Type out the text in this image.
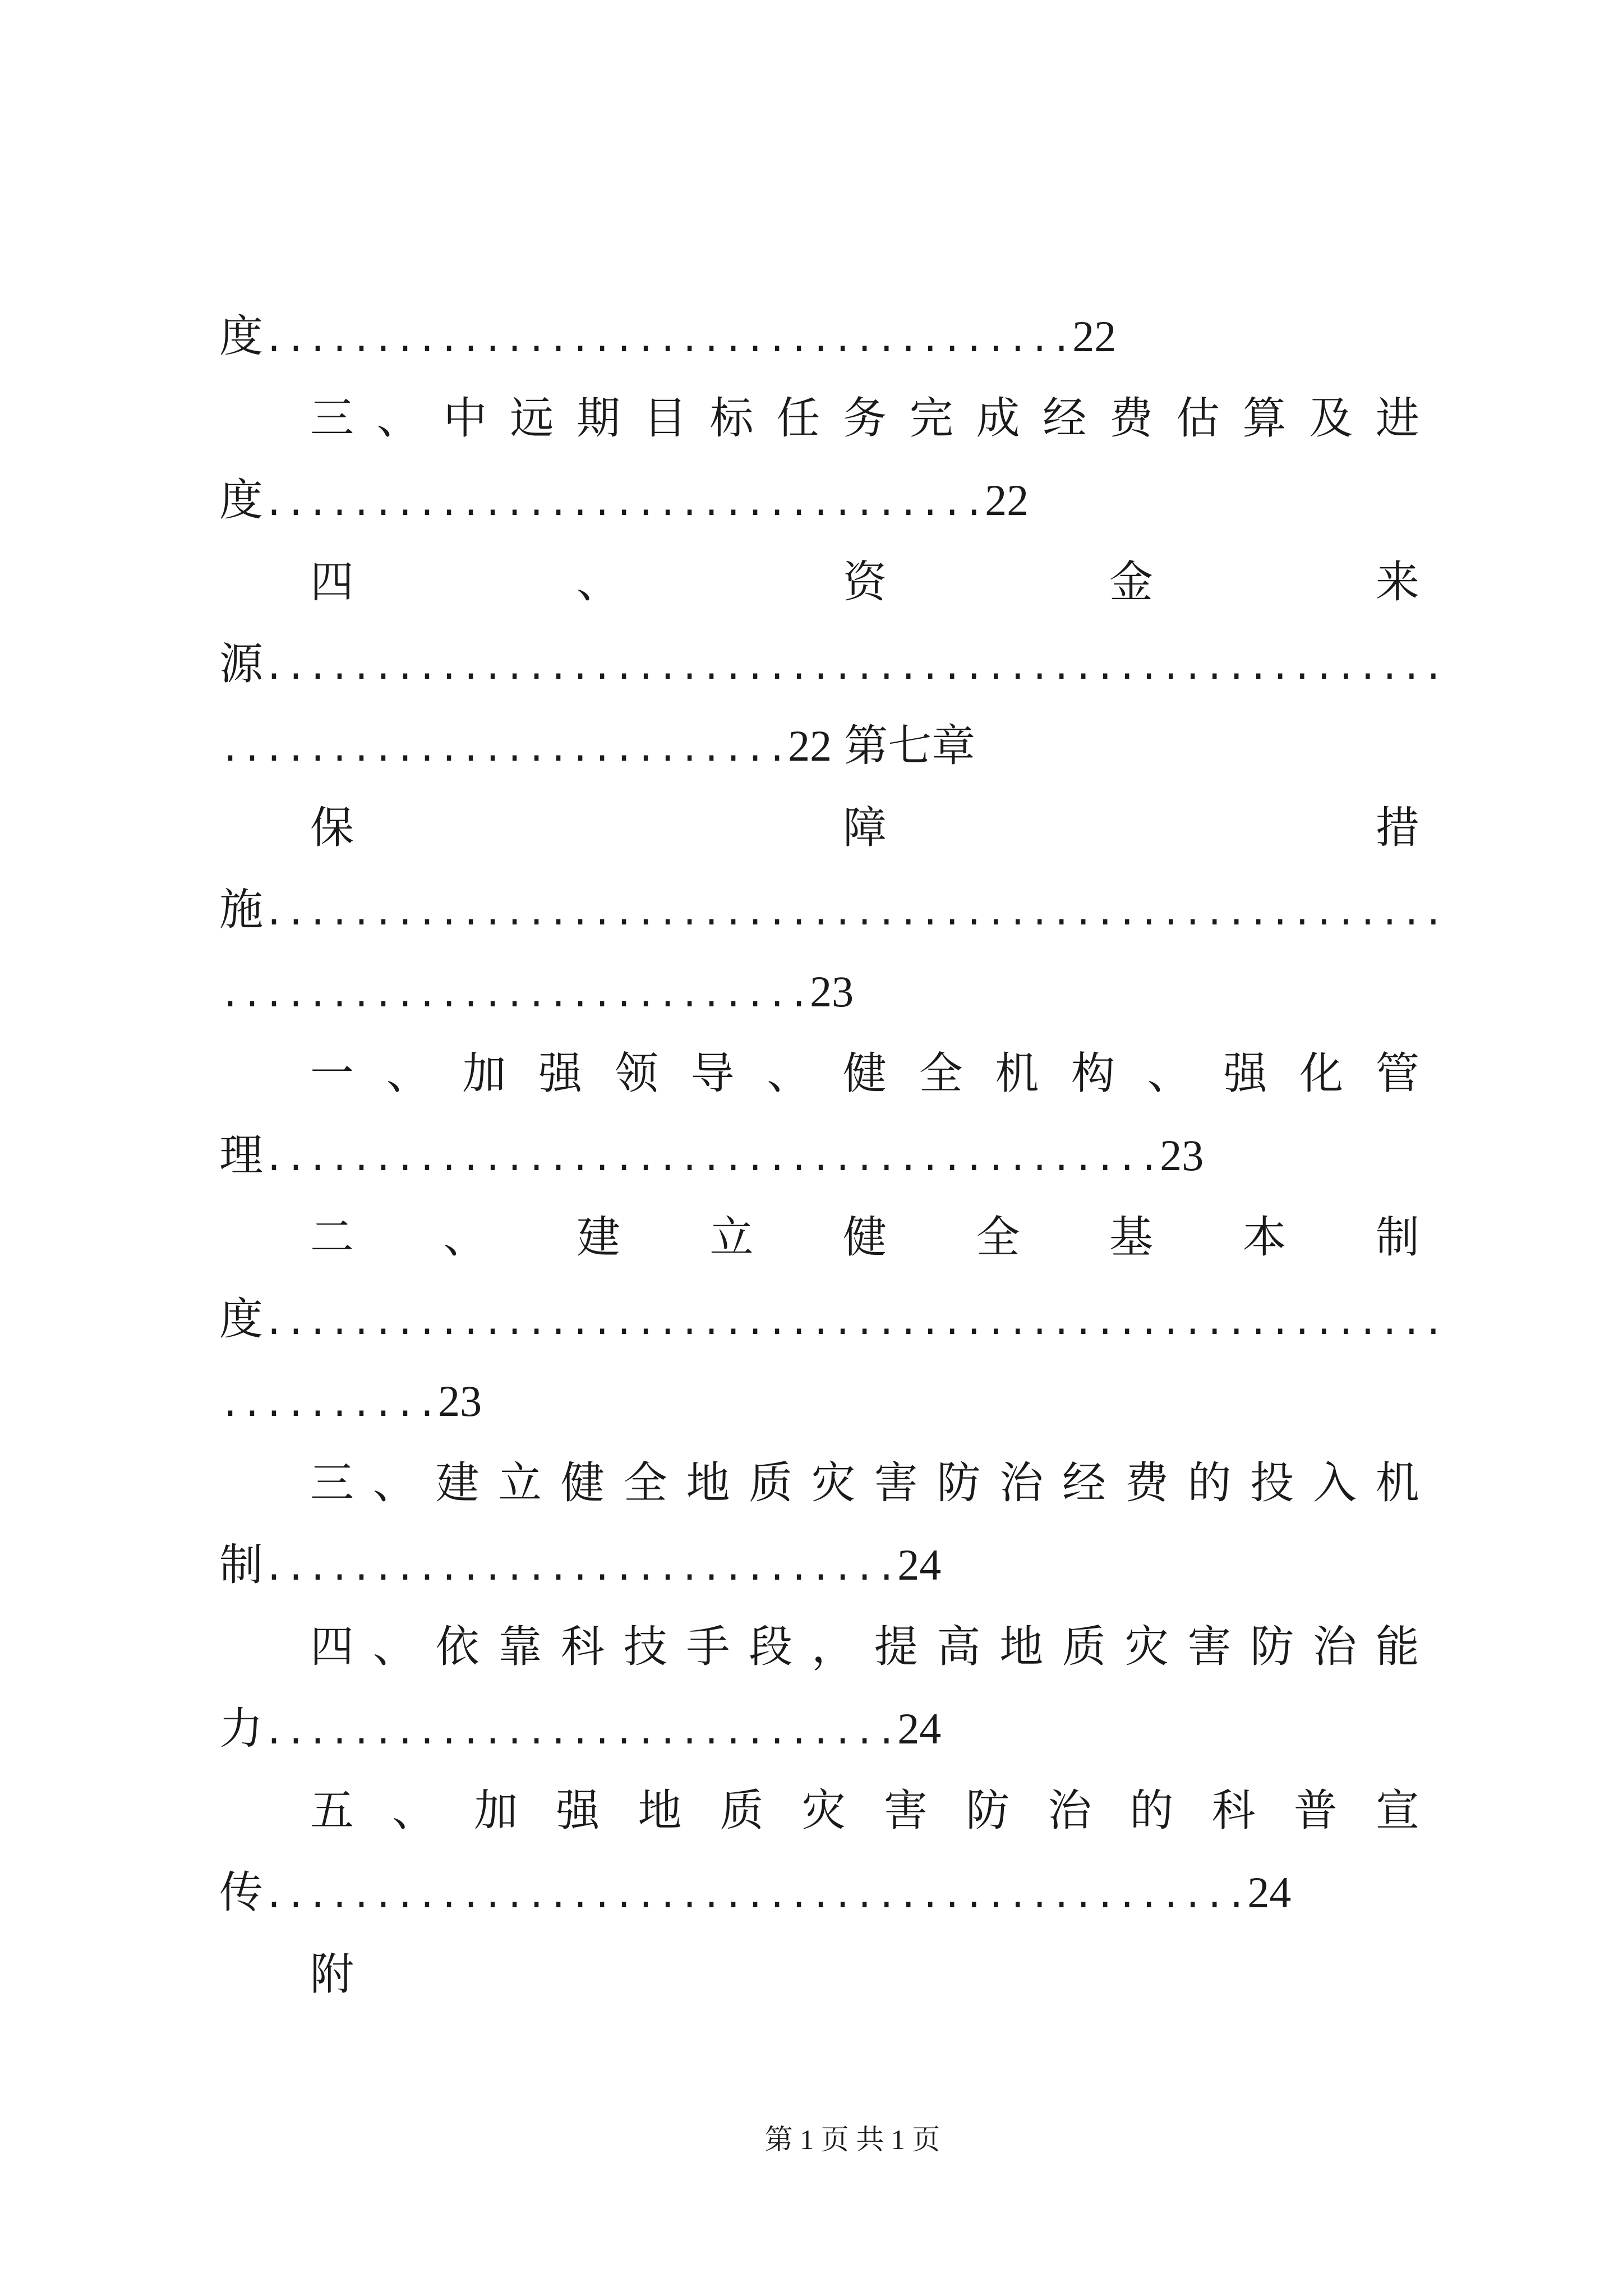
度.....................................22
三 、 中 远 期 目 标 任 务 完 成 经 费 估 算 及 进
度.................................22
四	、	资	金	来
源......................................................
..........................22 第七章
保	障	措
施......................................................
...........................23
一 、 加 强 领 导 、 健 全 机 构 、 强 化 管
理.........................................23
二 、 建 立 健 全 基 本 制
度......................................................
..........23
三 、 建 立 健 全 地 质 灾 害 防 治 经 费 的 投 入 机
制.............................24
四 、 依 靠 科 技 手 段 ， 提 高 地 质 灾 害 防 治 能
力.............................24
五 、 加 强 地 质 灾 害 防 治 的 科 普 宣
传.............................................24
附
第 1 页 共 1 页
